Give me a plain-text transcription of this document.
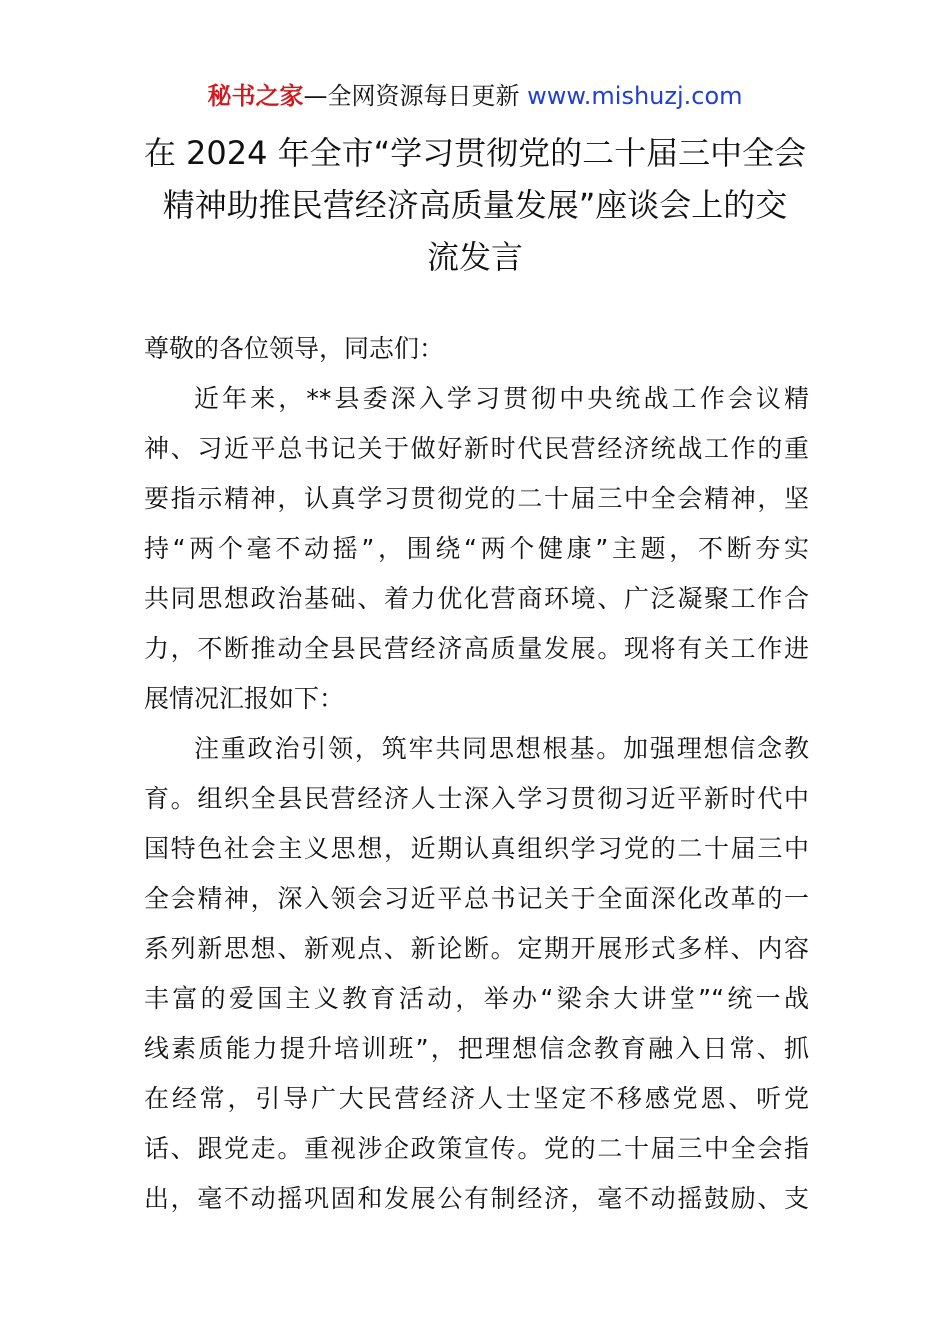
秘书之家—全网资源每日更新 www.mishuzj.com
在 2024 年全市“学习贯彻党的二十届三中全会
精神助推民营经济高质量发展”座谈会上的交
流发言
尊敬的各位领导，同志们：
近年来，**县委深入学习贯彻中央统战工作会议精
神、习近平总书记关于做好新时代民营经济统战工作的重
要指示精神，认真学习贯彻党的二十届三中全会精神，坚
持“两个毫不动摇”，围绕“两个健康”主题，不断夯实
共同思想政治基础、着力优化营商环境、广泛凝聚工作合
力，不断推动全县民营经济高质量发展。现将有关工作进
展情况汇报如下：
注重政治引领，筑牢共同思想根基。加强理想信念教
育。组织全县民营经济人士深入学习贯彻习近平新时代中
国特色社会主义思想，近期认真组织学习党的二十届三中
全会精神，深入领会习近平总书记关于全面深化改革的一
系列新思想、新观点、新论断。定期开展形式多样、内容
丰富的爱国主义教育活动，举办“梁余大讲堂”“统一战
线素质能力提升培训班”，把理想信念教育融入日常、抓
在经常，引导广大民营经济人士坚定不移感党恩、听党
话、跟党走。重视涉企政策宣传。党的二十届三中全会指
出，毫不动摇巩固和发展公有制经济，毫不动摇鼓励、支
